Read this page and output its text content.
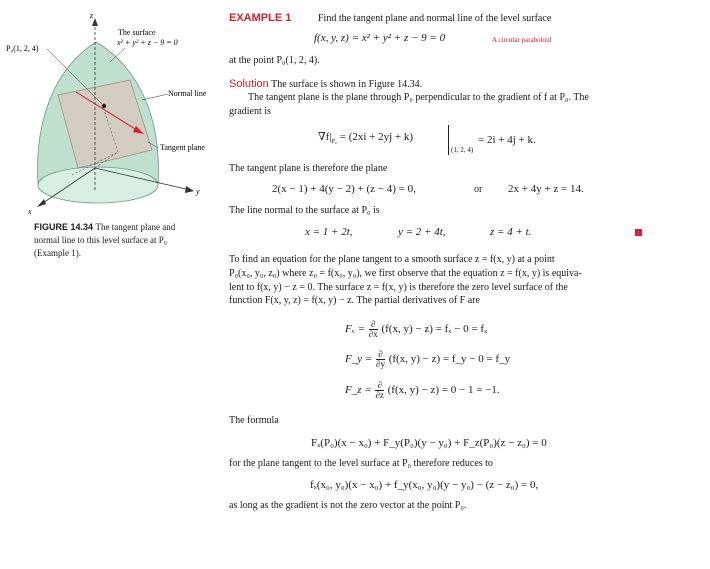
z
x
y
P₀(1, 2, 4)
The surface
x² + y² + z − 9 = 0
Normal line
Tangent plane
FIGURE 14.34 The tangent plane and
normal line to this level surface at P₀
(Example 1).
EXAMPLE 1	Find the tangent plane and normal line of the level surface
f(x, y, z) = x² + y² + z − 9 = 0	A circular paraboloid
at the point P₀(1, 2, 4).
Solution The surface is shown in Figure 14.34.
The tangent plane is the plane through P₀ perpendicular to the gradient of f at P₀. The
gradient is
$\nabla f|_{P_0} = (2xi + 2yj + k)$
(1, 2, 4)
= 2i + 4j + k.
The tangent plane is therefore the plane
2(x − 1) + 4(y − 2) + (z − 4) = 0,	or 2x + 4y + z = 14.
The line normal to the surface at P₀ is
x = 1 + 2t,	y = 2 + 4t,	z = 4 + t.
To find an equation for the plane tangent to a smooth surface z = f(x, y) at a point
P₀(x₀, y₀, z₀) where z₀ = f(x₀, y₀), we first observe that the equation z = f(x, y) is equiva-
lent to f(x, y) − z = 0. The surface z = f(x, y) is therefore the zero level surface of the
function F(x, y, z) = f(x, y) − z. The partial derivatives of F are
$F_x = \frac{\partial}{\partial x} (f(x$, y) − z) = fₓ − 0 = fₓ
F_y = $\frac{\partial}{\partial y} (f(x$, y) − z) = f_y − 0 = f_y
F_z = $\frac{\partial}{\partial z} (f(x$, y) − z) = 0 − 1 = −1.
The formula
Fₓ(P₀)(x − x₀) + F_y(P₀)(y − y₀) + F_z(P₀)(z − z₀) = 0
for the plane tangent to the level surface at P₀ therefore reduces to
fₓ(x₀, y₀)(x − x₀) + f_y(x₀, y₀)(y − y₀) − (z − z₀) = 0,
as long as the gradient is not the zero vector at the point P₀.
